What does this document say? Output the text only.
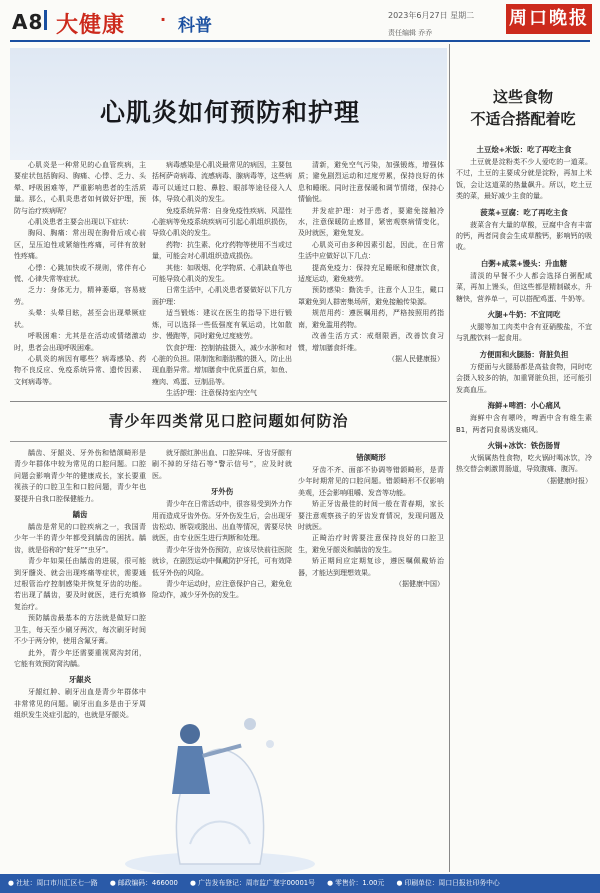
A8 大健康 · 科普
2023年6月27日 星期二
责任编辑 乔乔
周口晚报
心肌炎如何预防和护理

心肌炎是一种常见的心血管疾病，主要症状包括胸闷、胸痛、心悸、乏力、头晕、呼吸困难等，严重影响患者的生活质量。那么，心肌炎患者如何做好护理，预防与治疗疾病呢？

心肌炎患者主要会出现以下症状：

胸闷、胸痛：常出现在胸骨后或心前区，呈压迫性或紧缩性疼痛，可伴有放射性疼痛。

心悸：心跳加快或不规则，常伴有心慌、心律失常等症状。

乏力：身体无力，精神萎靡，容易疲劳。

头晕：头晕目眩，甚至会出现晕厥症状。

呼吸困难：尤其是在活动或情绪激动时，患者会出现呼吸困难。

心肌炎的病因有哪些？病毒感染、药物不良反应、免疫系统异常、遗传因素、文何病毒等。

病毒感染是心肌炎最常见的病因，主要包括柯萨奇病毒、流感病毒、腺病毒等，这些病毒可以通过口腔、鼻腔、眼部等途径侵入人体，导致心肌炎的发生。

免疫系统异常：自身免疫性疾病、风湿性心脏病等免疫系统疾病可引起心肌组织损伤，导致心肌炎的发生。

药物：抗生素、化疗药物等使用不当或过量，可能会对心肌组织造成损伤。

其他：如吸烟、化学物质、心肌缺血等也可能导致心肌炎的发生。

日常生活中，心肌炎患者要做好以下几方面护理：

适当锻炼：建议在医生的指导下进行锻炼，可以选择一些低强度有氧运动，比如散步、慢跑等，同时避免过度疲劳。

饮食护理：控制钠盐摄入，减少水肿和对心脏的负担。限制饱和脂肪酸的摄入，防止出现血脂异常。增加膳食中优质蛋白质，如鱼、瘦肉、鸡蛋、豆制品等。

生活护理：注意保持室内空气

清新，避免空气污染，加强锻炼，增强体质；避免剧烈运动和过度劳累，保持良好的休息和睡眠。同时注意保暖和调节情绪，保持心情愉悦。

并发症护理：对于患者，要避免接触冷水，注意保暖防止感冒，紧密观察病情变化，及时就医，避免复发。

心肌炎可由多种因素引起，因此，在日常生活中应做好以下几点：

提高免疫力：保持充足睡眠和健康饮食，适度运动，避免疲劳。

预防感染：勤洗手，注意个人卫生，戴口罩避免到人群密集场所，避免接触传染源。

规范用药：遵医嘱用药，严格按照用药指南，避免滥用药物。

改善生活方式：戒烟限酒，改善饮食习惯，增加膳食纤维。

（据人民健康报）

青少年四类常见口腔问题如何防治

龋齿、牙龈炎、牙外伤和错颌畸形是青少年群体中较为常见的口腔问题。口腔问题会影响青少年的健康成长，家长要重视孩子的口腔卫生和口腔问题，青少年也要提升自我口腔保健能力。

龋齿

龋齿是常见的口腔疾病之一，我国青少年一半的青少年都受到龋齿的困扰。龋齿，就是俗称的“蛀牙”“虫牙”。

青少年如果任由龋齿的进展，很可能到牙髓炎、就会出现疼痛等症状，需要通过根管治疗控制感染并恢复牙齿的功能。若出现了龋齿，要及时就医，进行充填修复治疗。

预防龋齿最基本的方法就是做好口腔卫生，每天至少刷牙两次，每次刷牙时间不少于两分钟，使用含氟牙膏。

此外，青少年还需要重视窝沟封闭，它能有效预防窝沟龋。

牙龈炎

牙龈红肿、刷牙出血是青少年群体中非常常见的问题。刷牙出血多是由于牙周组织发生炎症引起的，也就是牙龈炎。

就牙龈红肿出血、口腔异味、牙齿牙龈有刷不掉的牙结石等“警示信号”，应及时就医。

牙外伤

青少年在日常活动中，很容易受到外力作用而造成牙齿外伤。牙外伤发生后，会出现牙齿松动、断裂或脱出、出血等情况，需要尽快就医，由专业医生进行判断和处理。

青少年牙齿外伤预防，应该尽快前往医院就诊，在剧烈运动中佩戴防护牙托，可有效降低牙外伤的风险。

青少年运动时，应注意保护自己，避免危险动作，减少牙外伤的发生。

错颌畸形

牙齿不齐、面部不协调等错颌畸形，是青少年时期常见的口腔问题。错颌畸形不仅影响美观，还会影响咀嚼、发音等功能。

矫正牙齿最佳的时间一般在青春期，家长要注意观察孩子的牙齿发育情况，发现问题及时就医。

正畸治疗时需要注意保持良好的口腔卫生，避免牙龈炎和龋齿的发生。

矫正期间应定期复诊，遵医嘱佩戴矫治器，才能达到理想效果。

（据健康中国）

这些食物
不适合搭配着吃
土豆烩+米饭：吃了再吃主食

土豆就是淀粉类不少人爱吃的一道菜。不过，土豆的主要成分就是淀粉，再加上米饭，会让这道菜的热量飙升。所以，吃土豆类的菜，最好减少主食的量。

菠菜+豆腐：吃了再吃主食

菠菜含有大量的草酸，豆腐中含有丰富的钙，两者同食会生成草酸钙，影响钙的吸收。

白粥+咸菜+馒头：升血糖

清淡的早餐不少人都会选择白粥配咸菜，再加上馒头，但这些都是精制碳水，升糖快，营养单一，可以搭配鸡蛋、牛奶等。

火腿+牛奶：不宜同吃

火腿等加工肉类中含有亚硝酸盐，不宜与乳酸饮料一起食用。

方便面和火腿肠：肾脏负担

方便面与火腿肠都是高盐食物，同时吃会摄入较多的钠，加重肾脏负担，还可能引发高血压。

海鲜+啤酒：小心痛风

海鲜中含有嘌呤，啤酒中含有维生素B1，两者同食易诱发痛风。

火锅+冰饮：铁伤肠胃

火锅属热性食物，吃火锅时喝冰饮，冷热交替会刺激胃肠道，导致腹痛、腹泻。

（据健康时报）

● 社址：周口市川汇区七一路 ● 邮政编码：466000 ● 广告发布登记：周市监广登字00001号 ● 零售价：1.00元 ● 印刷单位：周口日报社印务中心
